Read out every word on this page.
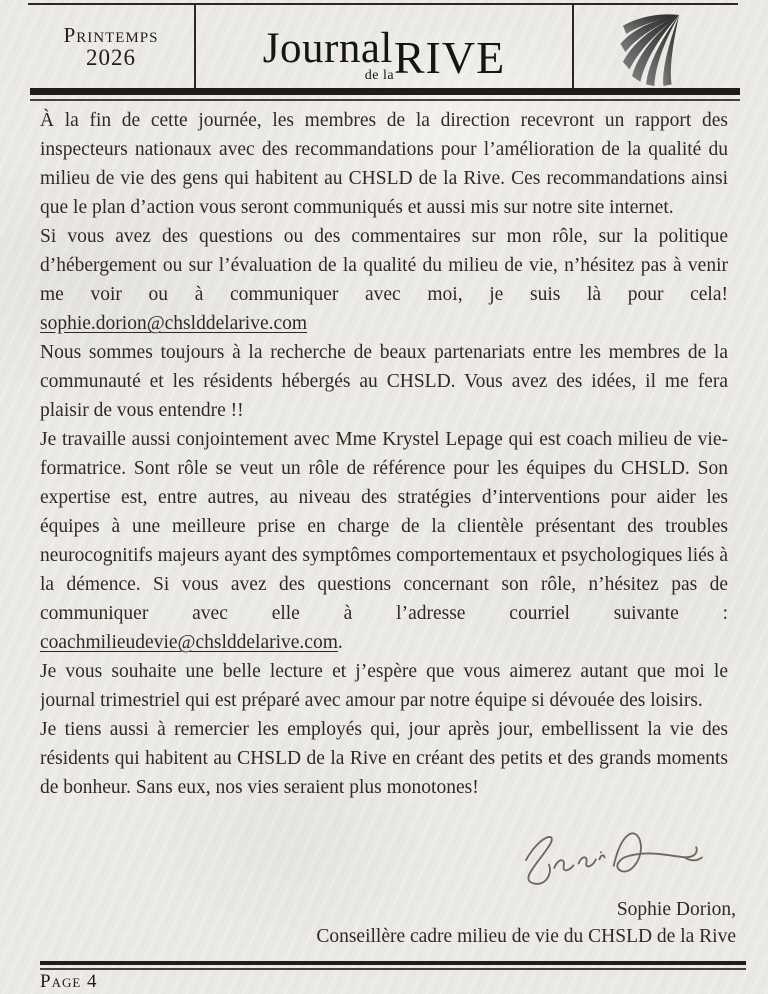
Printemps
2026	JournalRIVE
de la

À la fin de cette journée, les membres de la direction recevront un rapport des inspecteurs nationaux avec des recommandations pour l’amélioration de la qualité du milieu de vie des gens qui habitent au CHSLD de la Rive. Ces recommandations ainsi que le plan d’action vous seront communiqués et aussi mis sur notre site internet.

Si vous avez des questions ou des commentaires sur mon rôle, sur la politique d’hébergement ou sur l’évaluation de la qualité du milieu de vie, n’hésitez pas à venir me voir ou à communiquer avec moi, je suis là pour cela! sophie.dorion@chslddelarive.com

Nous sommes toujours à la recherche de beaux partenariats entre les membres de la communauté et les résidents hébergés au CHSLD. Vous avez des idées, il me fera plaisir de vous entendre !!

Je travaille aussi conjointement avec Mme Krystel Lepage qui est coach milieu de vie- formatrice. Sont rôle se veut un rôle de référence pour les équipes du CHSLD. Son expertise est, entre autres, au niveau des stratégies d’interventions pour aider les équipes à une meilleure prise en charge de la clientèle présentant des troubles neurocognitifs majeurs ayant des symptômes comportementaux et psychologiques liés à la démence. Si vous avez des questions concernant son rôle, n’hésitez pas de communiquer avec elle à l’adresse courriel suivante : coachmilieudevie@chslddelarive.com.

Je vous souhaite une belle lecture et j’espère que vous aimerez autant que moi le journal trimestriel qui est préparé avec amour par notre équipe si dévouée des loisirs.

Je tiens aussi à remercier les employés qui, jour après jour, embellissent la vie des résidents qui habitent au CHSLD de la Rive en créant des petits et des grands moments de bonheur. Sans eux, nos vies seraient plus monotones!

Sophie Dorion,
Conseillère cadre milieu de vie du CHSLD de la Rive
Page 4
